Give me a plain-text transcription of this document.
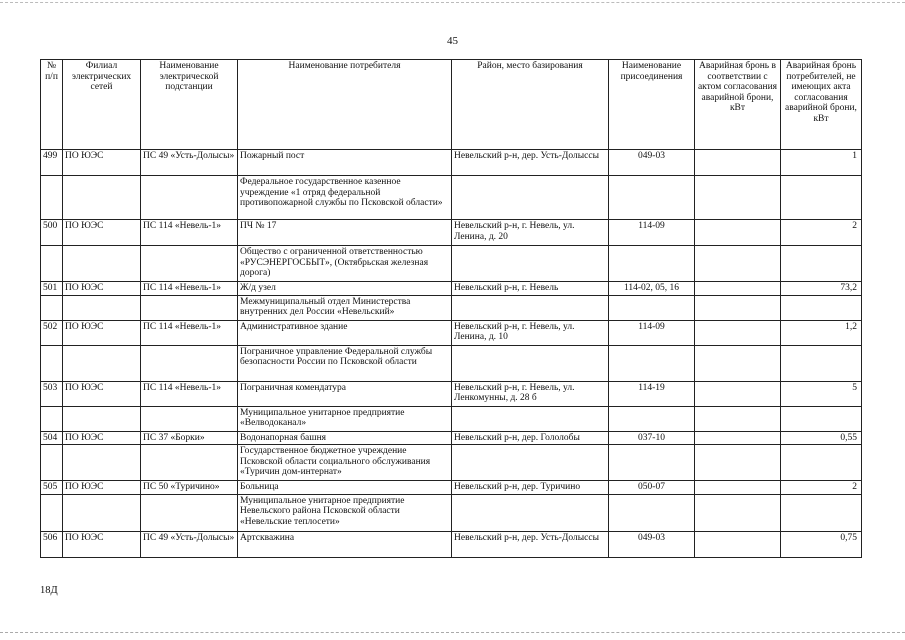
45
№ п/п	Филиал электрических сетей	Наименование электрической подстанции	Наименование потребителя	Район, место базирования	Наименование присоединения	Аварийная бронь в соответствии с актом согласования аварийной брони, кВт	Аварийная бронь потребителей, не имеющих акта согласования аварийной брони, кВт
499	ПО ЮЭС	ПС 49 «Усть-Долысы»	Пожарный пост	Невельский р-н, дер. Усть-Долыссы	049-03		1
			Федеральное государственное казенное учреждение «1 отряд федеральной противопожарной службы по Псковской области»				
500	ПО ЮЭС	ПС 114 «Невель-1»	ПЧ № 17	Невельский р-н, г. Невель, ул. Ленина, д. 20	114-09		2
			Общество с ограниченной ответственностью «РУСЭНЕРГОСБЫТ», (Октябрьская железная дорога)				
501	ПО ЮЭС	ПС 114 «Невель-1»	Ж/д узел	Невельский р-н, г. Невель	114-02, 05, 16		73,2
			Межмуниципальный отдел Министерства внутренних дел России «Невельский»				
502	ПО ЮЭС	ПС 114 «Невель-1»	Административное здание	Невельский р-н, г. Невель, ул. Ленина, д. 10	114-09		1,2
			Пограничное управление Федеральной службы безопасности России по Псковской области				
503	ПО ЮЭС	ПС 114 «Невель-1»	Пограничная комендатура	Невельский р-н, г. Невель, ул. Ленкомунны, д. 28 б	114-19		5
			Муниципальное унитарное предприятие «Велводоканал»				
504	ПО ЮЭС	ПС 37 «Борки»	Водонапорная башня	Невельский р-н, дер. Гололобы	037-10		0,55
			Государственное бюджетное учреждение Псковской области социального обслуживания «Туричин дом-интернат»				
505	ПО ЮЭС	ПС 50 «Туричино»	Больница	Невельский р-н, дер. Туричино	050-07		2
			Муниципальное унитарное предприятие Невельского района Псковской области «Невельские теплосети»				
506	ПО ЮЭС	ПС 49 «Усть-Долысы»	Артскважина	Невельский р-н, дер. Усть-Долыссы	049-03		0,75
18Д
